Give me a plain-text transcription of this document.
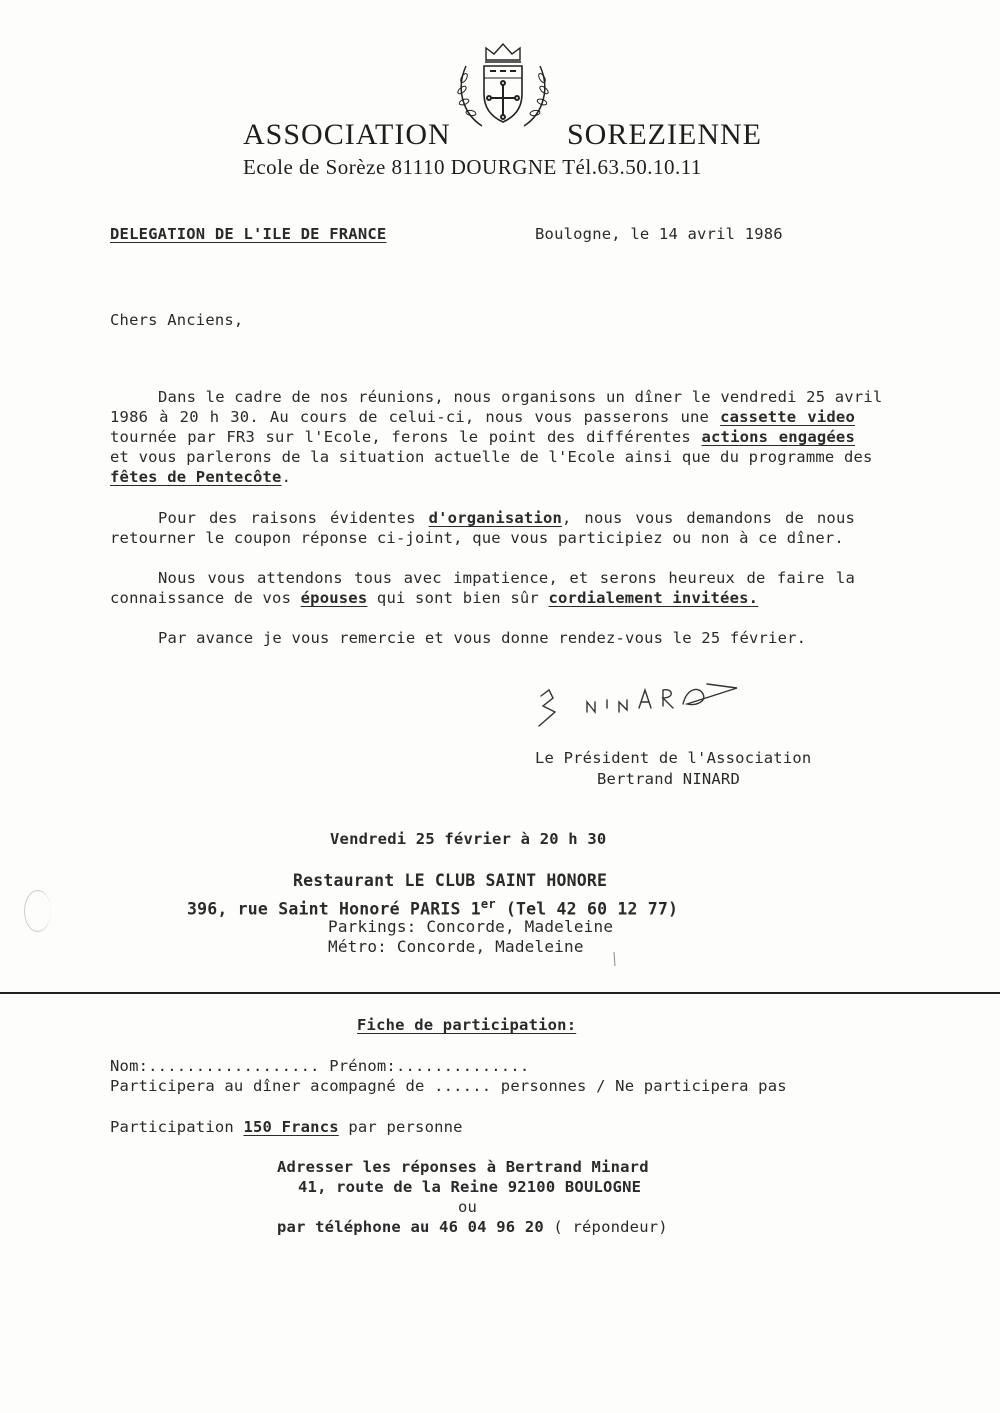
ASSOCIATION	SOREZIENNE
Ecole de Sorèze 81110 DOURGNE Tél.63.50.10.11
DELEGATION DE L'ILE DE FRANCE	Boulogne, le 14 avril 1986
Chers Anciens,
Dans le cadre de nos réunions, nous organisons un dîner le vendredi 25 avril
1986 à 20 h 30. Au cours de celui-ci, nous vous passerons une cassette video
tournée par FR3 sur l'Ecole, ferons le point des différentes actions engagées
et vous parlerons de la situation actuelle de l'Ecole ainsi que du programme des
fêtes de Pentecôte.
Pour des raisons évidentes d'organisation, nous vous demandons de nous
retourner le coupon réponse ci-joint, que vous participiez ou non à ce dîner.
Nous vous attendons tous avec impatience, et serons heureux de faire la
connaissance de vos épouses qui sont bien sûr cordialement invitées.
Par avance je vous remercie et vous donne rendez-vous le 25 février.
Le Président de l'Association
Bertrand NINARD
Vendredi 25 février à 20 h 30
Restaurant LE CLUB SAINT HONORE
396, rue Saint Honoré PARIS 1er (Tel 42 60 12 77)
Parkings: Concorde, Madeleine
Métro: Concorde, Madeleine
Fiche de participation:
Nom:.................. Prénom:..............
Participera au dîner acompagné de ...... personnes / Ne participera pas
Participation 150 Francs par personne
Adresser les réponses à Bertrand Minard
41, route de la Reine 92100 BOULOGNE
ou
par téléphone au 46 04 96 20 ( répondeur)
